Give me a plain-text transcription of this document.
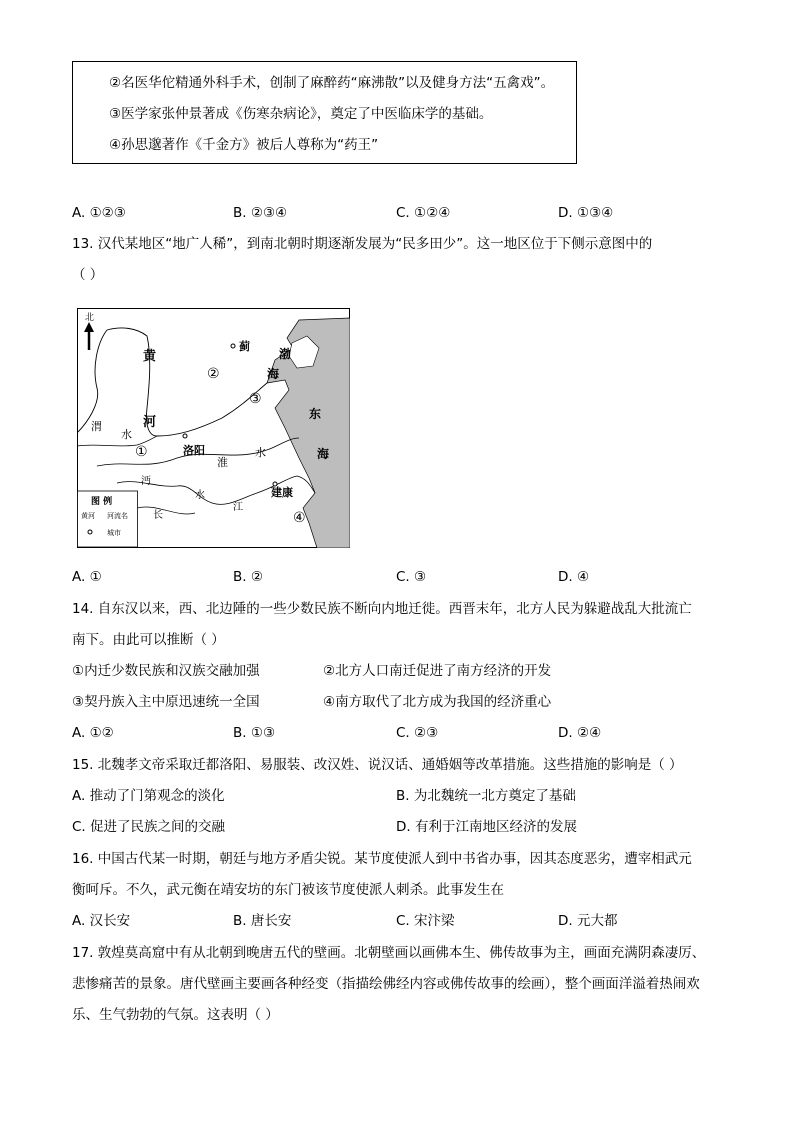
②名医华佗精通外科手术，创制了麻醉药“麻沸散”以及健身方法“五禽戏”。
③医学家张仲景著成《伤寒杂病论》，奠定了中医临床学的基础。
④孙思邈著作《千金方》被后人尊称为“药王”
A. ①②③	B. ②③④	C. ①②④	D. ①③④
13. 汉代某地区“地广人稀”，到南北朝时期逐渐发展为“民多田少”。这一地区位于下侧示意图中的
（ ）
北
黄
河
渭
水
蓟
渤
海
东
海
洛阳
淮
水
沔
水
长
江
建康
①
②
③
④
图 例
黄河 河流名
城市
A. ①	B. ②	C. ③	D. ④
14. 自东汉以来，西、北边陲的一些少数民族不断向内地迁徙。西晋末年，北方人民为躲避战乱大批流亡
南下。由此可以推断（ ）
①内迁少数民族和汉族交融加强	②北方人口南迁促进了南方经济的开发
③契丹族入主中原迅速统一全国	④南方取代了北方成为我国的经济重心
A. ①②	B. ①③	C. ②③	D. ②④
15. 北魏孝文帝采取迁都洛阳、易服装、改汉姓、说汉话、通婚姻等改革措施。这些措施的影响是（ ）
A. 推动了门第观念的淡化	B. 为北魏统一北方奠定了基础
C. 促进了民族之间的交融	D. 有利于江南地区经济的发展
16. 中国古代某一时期，朝廷与地方矛盾尖锐。某节度使派人到中书省办事，因其态度恶劣，遭宰相武元
衡呵斥。不久，武元衡在靖安坊的东门被该节度使派人刺杀。此事发生在
A. 汉长安	B. 唐长安	C. 宋汴梁	D. 元大都
17. 敦煌莫高窟中有从北朝到晚唐五代的壁画。北朝壁画以画佛本生、佛传故事为主，画面充满阴森凄厉、
悲惨痛苦的景象。唐代壁画主要画各种经变（指描绘佛经内容或佛传故事的绘画），整个画面洋溢着热闹欢
乐、生气勃勃的气氛。这表明（ ）
